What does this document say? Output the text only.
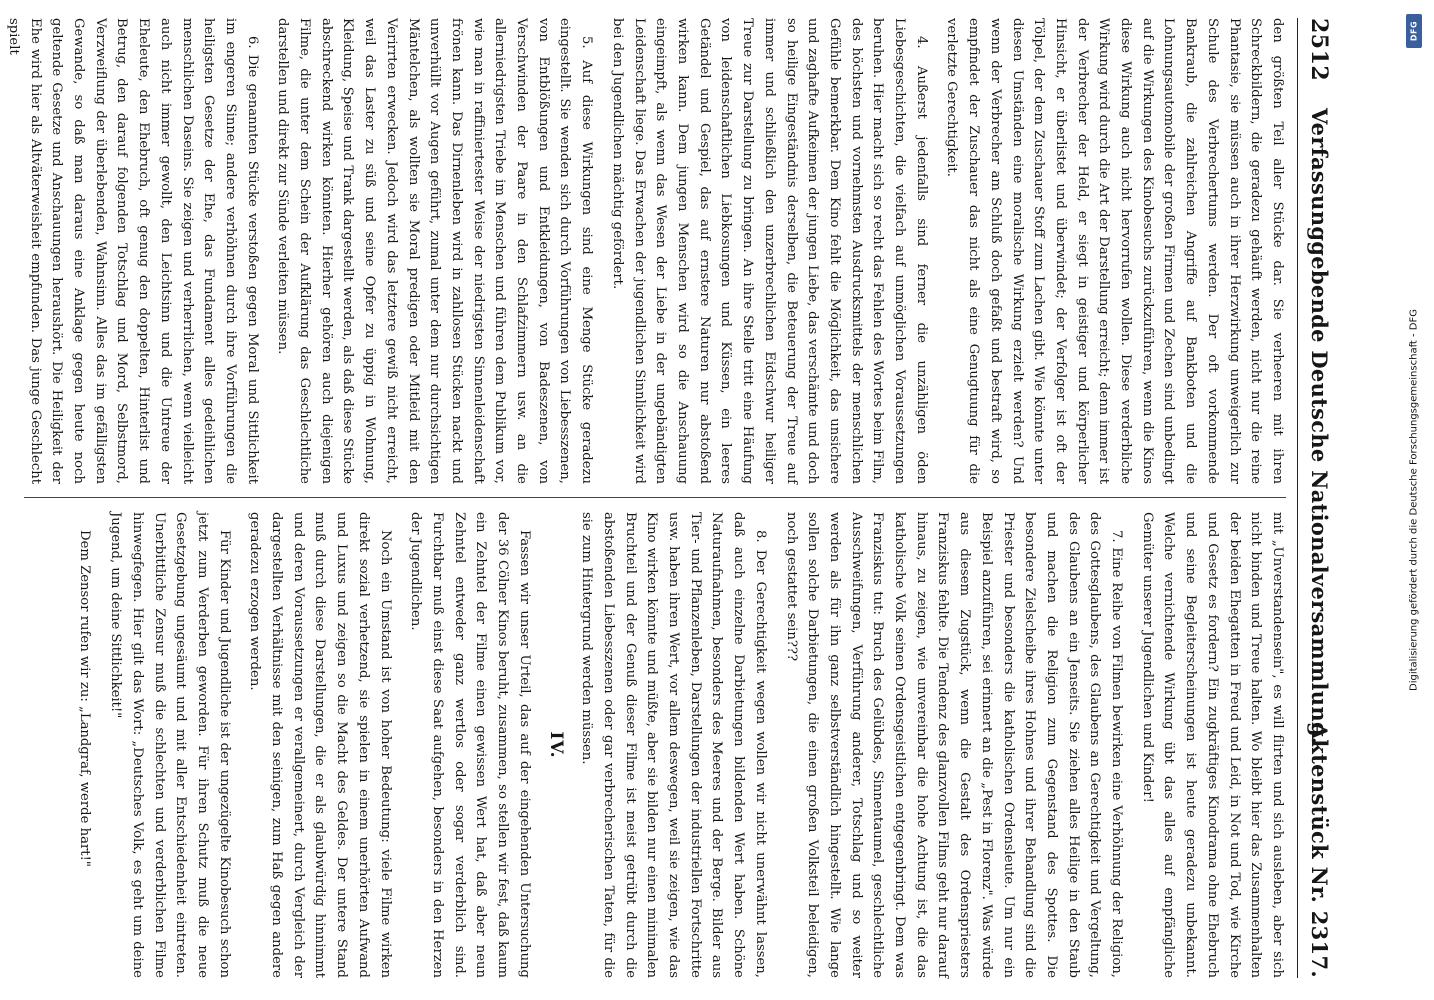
2512
Verfassunggebende Deutsche Nationalversammlung.
Aktenstück Nr. 2317.

den größten Teil aller Stücke dar. Sie verheeren mit ihren Schreckbildern, die geradezu gehäuft werden, nicht nur die reine Phantasie, sie müssen auch in ihrer Herzwirkung unweigerlich zur Schule des Verbrechertums werden. Der oft vorkommende Bankraub, die zahlreichen Angriffe auf Bankboten und die Lohnungsautomobile der großen Firmen und Zechen sind unbedingt auf die Wirkungen des Kinobesuchs zurückzuführen, wenn die Kinos diese Wirkung auch nicht hervorrufen wollen. Diese verderbliche Wirkung wird durch die Art der Darstellung erreicht; denn immer ist der Verbrecher der Held, er siegt in geistiger und körperlicher Hinsicht, er überlistet und überwindet; der Verfolger ist oft der Tölpel, der dem Zuschauer Stoff zum Lachen gibt. Wie könnte unter diesen Umständen eine moralische Wirkung erzielt werden? Und wenn der Verbrecher am Schluß doch gefaßt und bestraft wird, so empfindet der Zuschauer das nicht als eine Genugtuung für die verletzte Gerechtigkeit.

4. Außerst jedenfalls sind ferner die unzähligen öden Liebesgeschichten, die vielfach auf unmöglichen Voraussetzungen beruhen. Hier macht sich so recht das Fehlen des Wortes beim Film, des höchsten und vornehmsten Ausdrucksmittels der menschlichen Gefühle bemerkbar. Dem Kino fehlt die Möglichkeit, das unsichere und zaghafte Aufkeimen der jungen Liebe, das verschämte und doch so heilige Eingeständnis derselben, die Beteuerung der Treue auf immer und schließlich den unzerbrechlichen Eidschwur heiliger Treue zur Darstellung zu bringen. An ihre Stelle tritt eine Häufung von leidenschaftlichen Liebkosungen und Küssen, ein leeres Getändel und Gespiel, das auf ernstere Naturen nur abstoßend wirken kann. Dem jungen Menschen wird so die Anschauung eingeimpft, als wenn das Wesen der Liebe in der ungebändigten Leidenschaft liege. Das Erwachen der jugendlichen Sinnlichkeit wird bei den Jugendlichen mächtig gefördert.

5. Auf diese Wirkungen sind eine Menge Stücke geradezu eingestellt. Sie wenden sich durch Vorführungen von Liebesszenen, von Entblößungen und Entkleidungen, von Badeszenen, von Verschwinden der Paare in den Schlafzimmern usw. an die allerniedrigsten Triebe im Menschen und führen dem Publikum vor, wie man in raffiniertester Weise der niedrigsten Sinnenleidenschaft frönen kann. Das Dirnenleben wird in zahllosen Stücken nackt und unverhüllt vor Augen geführt, zumal unter dem nur durchsichtigen Mäntelchen, als wollten sie Moral predigen oder Mitleid mit den Verirrten erwecken. Jedoch wird das letztere gewiß nicht erreicht, weil das Laster zu süß und seine Opfer zu üppig in Wohnung, Kleidung, Speise und Trank dargestellt werden, als daß diese Stücke abschreckend wirken könnten. Hierher gehören auch diejenigen Filme, die unter dem Schein der Aufklärung das Geschlechtliche darstellen und direkt zur Sünde verleiten müssen.

6. Die genannten Stücke verstoßen gegen Moral und Sittlichkeit im engeren Sinne; andere verhöhnen durch ihre Vorführungen die heiligsten Gesetze der Ehe, das Fundament alles gedeihlichen menschlichen Daseins. Sie zeigen und verherrlichen, wenn vielleicht auch nicht immer gewollt, den Leichtsinn und die Untreue der Eheleute, den Ehebruch, oft genug den doppelten, Hinterlist und Betrug, den darauf folgenden Totschlag und Mord, Selbstmord, Verzweiflung der überlebenden, Wahnsinn. Alles das im gefälligsten Gewande, so daß man daraus eine Anklage gegen heute noch geltende Gesetze und Anschauungen heraushört. Die Heiligkeit der Ehe wird hier als Altväterweisheit empfunden. Das junge Geschlecht spielt

mit „Unverstandensein", es will flirten und sich ausleben, aber sich nicht binden und Treue halten. Wo bleibt hier das Zusammenhalten der beiden Ehegatten in Freud und Leid, in Not und Tod, wie Kirche und Gesetz es fordern? Ein zugkräftiges Kinodrama ohne Ehebruch und seine Begleiterscheinungen ist heute geradezu unbekannt. Welche vernichtende Wirkung übt das alles auf empfängliche Gemüter unserer Jugendlichen und Kinder!

7. Eine Reihe von Filmen bewirken eine Verhöhnung der Religion, des Gottesglaubens, des Glaubens an Gerechtigkeit und Vergeltung, des Glaubens an ein Jenseits. Sie ziehen alles Heilige in den Staub und machen die Religion zum Gegenstand des Spottes. Die besondere Zielscheibe ihres Hohnes und ihrer Behandlung sind die Priester und besonders die katholischen Ordensleute. Um nur ein Beispiel anzuführen, sei erinnert an die „Pest in Florenz". Was würde aus diesem Zugstück, wenn die Gestalt des Ordenspriesters Franziskus fehlte. Die Tendenz des glanzvollen Films geht nur darauf hinaus, zu zeigen, wie unvereinbar die hohe Achtung ist, die das katholische Volk seinen Ordensgeistlichen entgegenbringt. Dem was Franziskus tut: Bruch des Gelübdes, Sinnentaumel, geschlechtliche Ausschweifungen, Verführung anderer, Totschlag und so weiter werden als für ihn ganz selbstverständlich hingestellt. Wie lange sollen solche Darbietungen, die einen großen Volksteil beleidigen, noch gestattet sein???

8. Der Gerechtigkeit wegen wollen wir nicht unerwähnt lassen, daß auch einzelne Darbietungen bildenden Wert haben. Schöne Naturaufnahmen, besonders des Meeres und der Berge. Bilder aus Tier- und Pflanzenleben, Darstellungen der industriellen Fortschritte usw. haben ihren Wert, vor allem deswegen, weil sie zeigen, wie das Kino wirken könnte und müßte, aber sie bilden nur einen minimalen Bruchteil und der Genuß dieser Filme ist meist getrübt durch die abstoßenden Liebesszenen oder gar verbrecherischen Taten, für die sie zum Hintergrund werden müssen.

IV.

Fassen wir unser Urteil, das auf der eingehenden Untersuchung der 36 Cölner Kinos beruht, zusammen, so stellen wir fest, daß kaum ein Zehntel der Filme einen gewissen Wert hat, daß aber neun Zehntel entweder ganz wertlos oder sogar verderblich sind. Furchtbar muß einst diese Saat aufgehen, besonders in den Herzen der Jugendlichen.

Noch ein Umstand ist von hoher Bedeutung: viele Filme wirken direkt sozial verhetzend, sie spielen in einem unerhörten Aufwand und Luxus und zeigen so die Macht des Geldes. Der untere Stand muß durch diese Darstellungen, die er als glaubwürdig hinnimmt und deren Voraussetzungen er verallgemeinert, durch Vergleich der dargestellten Verhältnisse mit den seinigen, zum Haß gegen andere geradezu erzogen werden.

Für Kinder und Jugendliche ist der ungezügelte Kinobesuch schon jetzt zum Verderben geworden. Für ihren Schutz muß die neue Gesetzgebung ungesäumt und mit aller Entschiedenheit eintreten. Unerbittliche Zensur muß die schlechten und verderblichen Filme hinwegfegen. Hier gilt das Wort: „Deutsches Volk, es geht um deine Jugend, um deine Sittlichkeit!"

Dem Zensor rufen wir zu: „Landgraf, werde hart!"

DFG
Digitalisierung gefördert durch die Deutsche Forschungsgemeinschaft - DFG
